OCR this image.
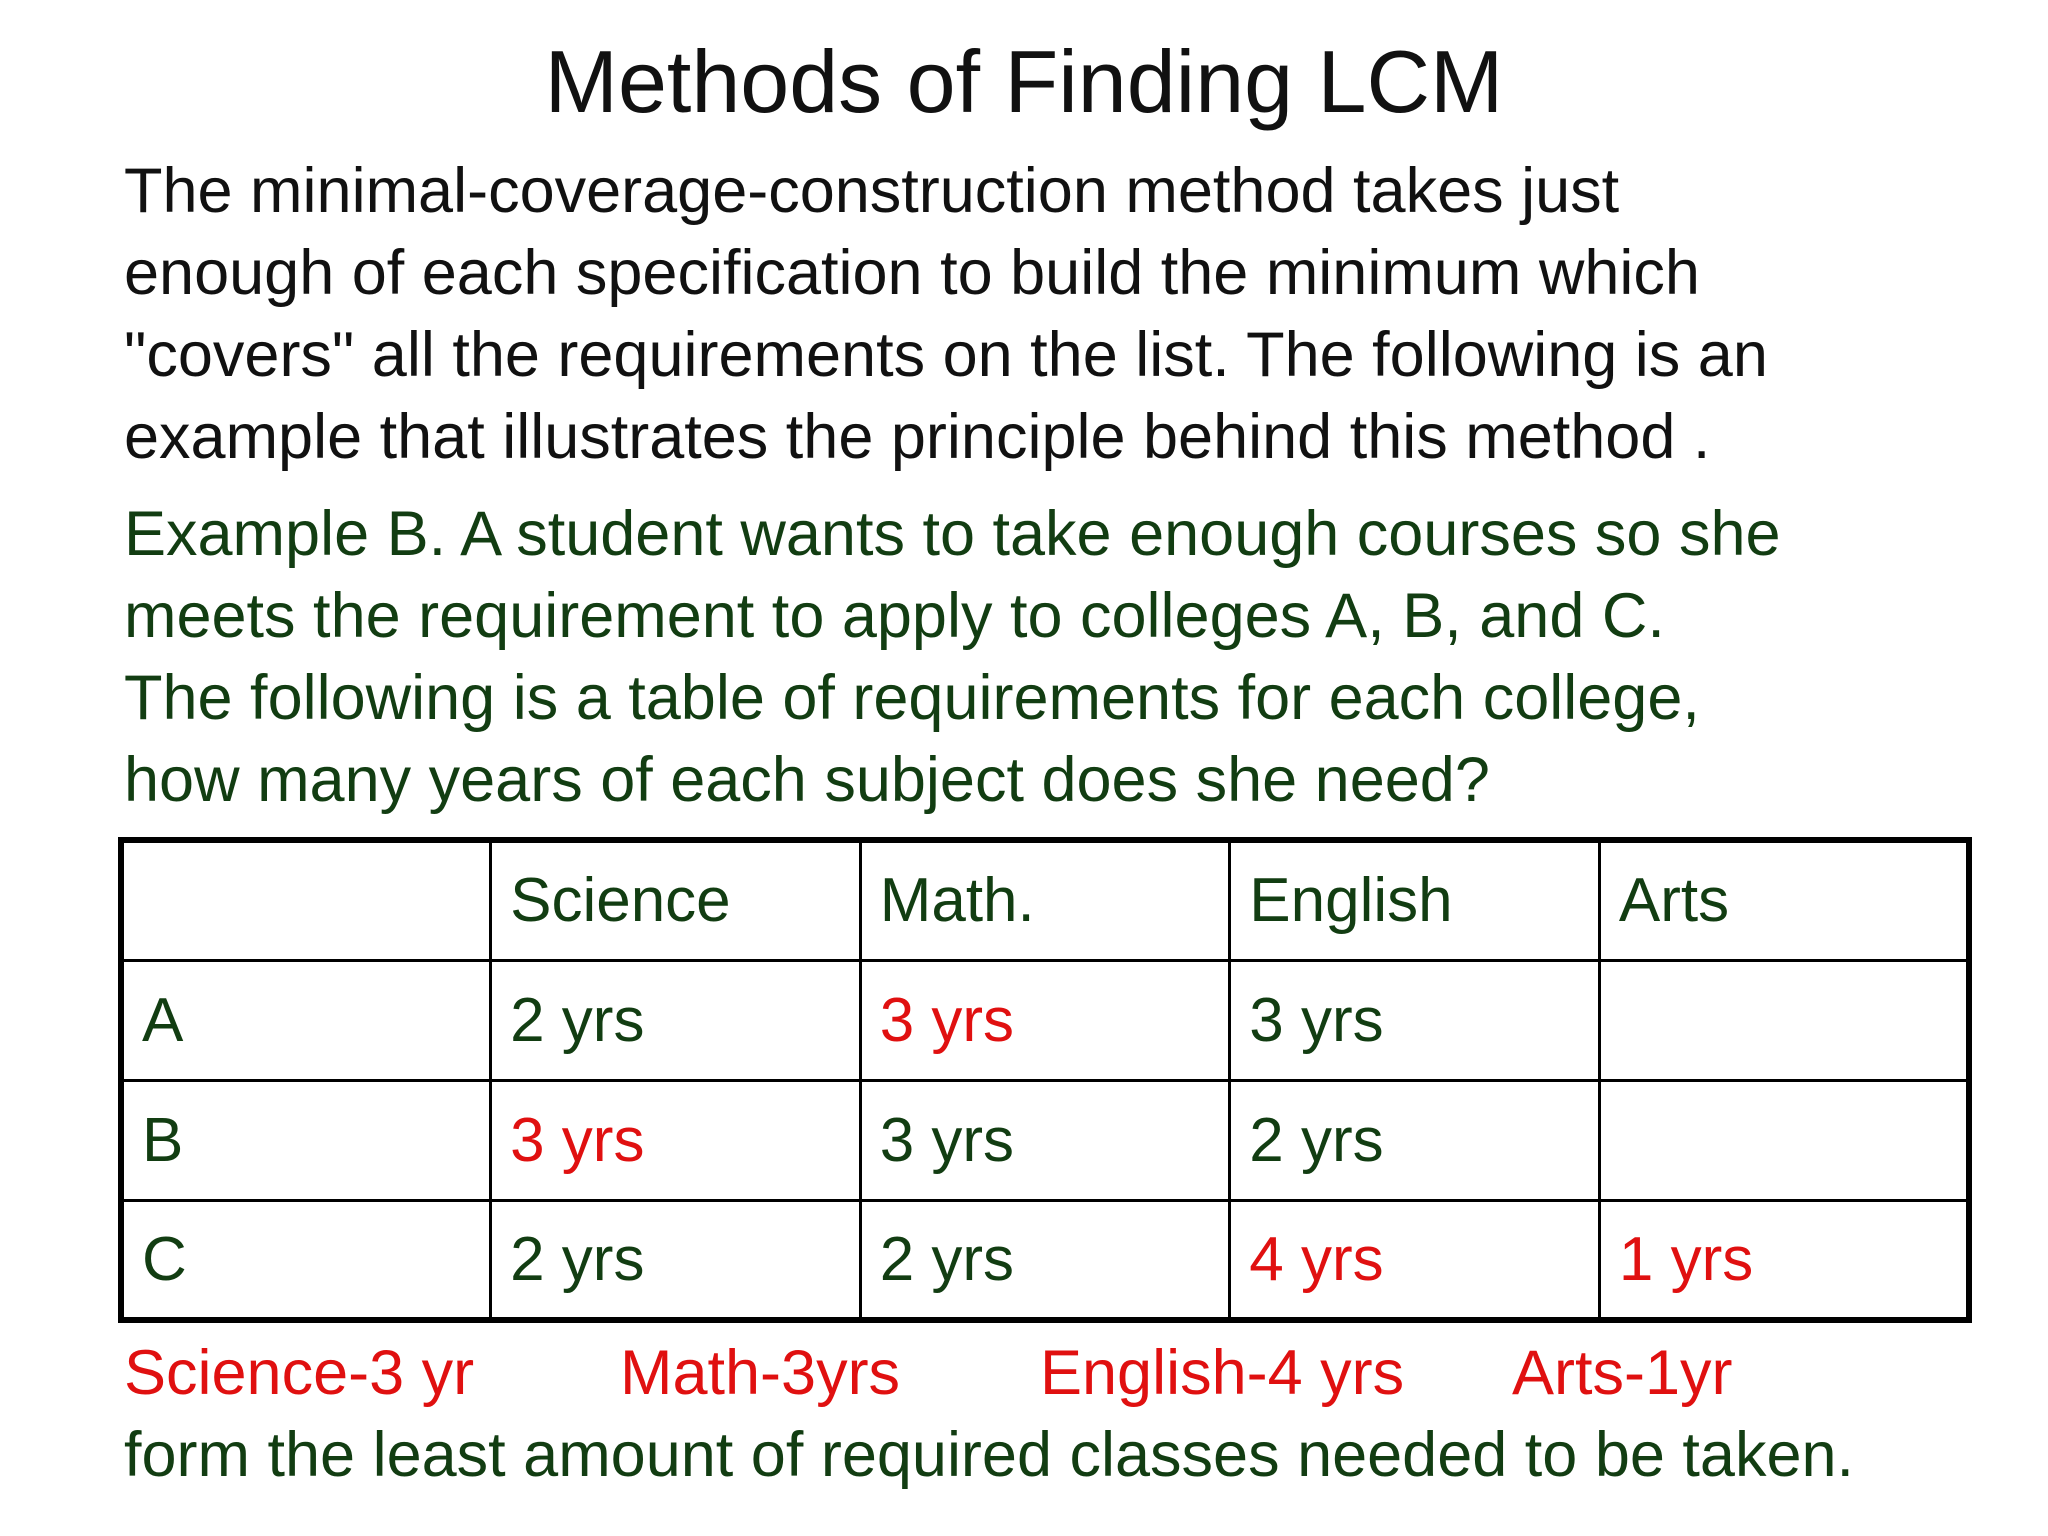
Methods of Finding LCM
The minimal-coverage-construction method takes just
enough of each specification to build the minimum which
"covers" all the requirements on the list. The following is an
example that illustrates the principle behind this method .
Example B. A student wants to take enough courses so she
meets the requirement to apply to colleges A, B, and C.
The following is a table of requirements for each college,
how many years of each subject does she need?
	Science	Math.	English	Arts
A	2 yrs	3 yrs	3 yrs	
B	3 yrs	3 yrs	2 yrs	
C	2 yrs	2 yrs	4 yrs	1 yrs
Science-3 yr Math-3yrs English-4 yrs Arts-1yr
form the least amount of required classes needed to be taken.
